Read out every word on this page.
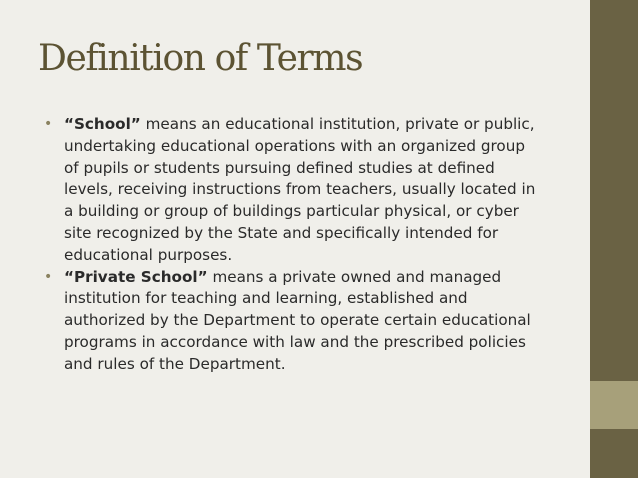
Definition of Terms
• “School” means an educational institution, private or public, undertaking educational operations with an organized group of pupils or students pursuing defined studies at defined levels, receiving instructions from teachers, usually located in a building or group of buildings particular physical, or cyber site recognized by the State and specifically intended for educational purposes.
• “Private School” means a private owned and managed institution for teaching and learning, established and authorized by the Department to operate certain educational programs in accordance with law and the prescribed policies and rules of the Department.
